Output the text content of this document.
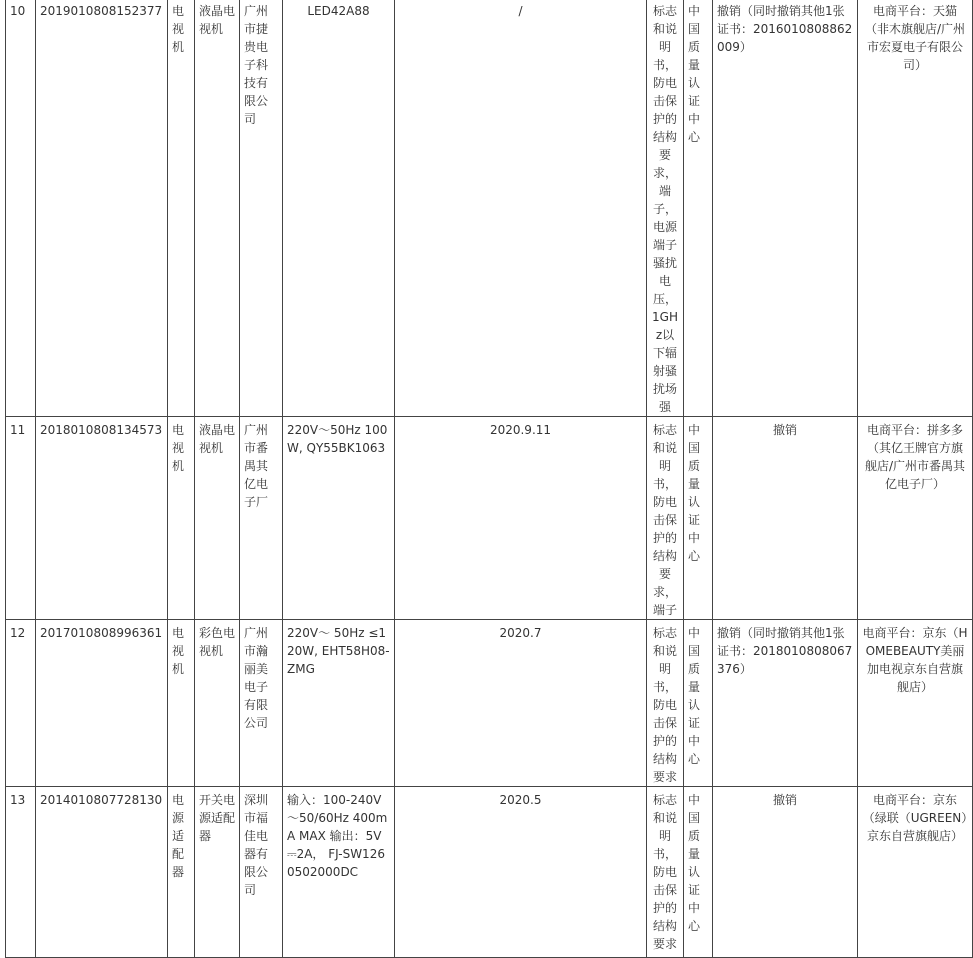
10	2019010808152377	电视机	液晶电视机	广州市捷贵电子科技有限公司	LED42A88	/	标志和说明书，防电击保护的结构要求，端子，电源端子骚扰电压，1GHz以下辐射骚扰场强	中国质量认证中心	撤销（同时撤销其他1张证书：2016010808862009）	电商平台：天猫（非木旗舰店/广州市宏夏电子有限公司）
11	2018010808134573	电视机	液晶电视机	广州市番禺其亿电子厂	220V～50Hz 100W, QY55BK1063	2020.9.11	标志和说明书，防电击保护的结构要求，端子	中国质量认证中心	撤销	电商平台：拼多多（其亿王牌官方旗舰店/广州市番禺其亿电子厂）
12	2017010808996361	电视机	彩色电视机	广州市瀚丽美电子有限公司	220V～ 50Hz ≤120W, EHT58H08-ZMG	2020.7	标志和说明书，防电击保护的结构要求	中国质量认证中心	撤销（同时撤销其他1张证书：2018010808067376）	电商平台：京东（HOMEBEAUTY美丽加电视京东自营旗舰店）
13	2014010807728130	电源适配器	开关电源适配器	深圳市福佳电器有限公司	输入：100-240V～50/60Hz 400mA MAX 输出：5V⎓2A， FJ-SW1260502000DC	2020.5	标志和说明书，防电击保护的结构要求	中国质量认证中心	撤销	电商平台：京东（绿联（UGREEN）京东自营旗舰店）
